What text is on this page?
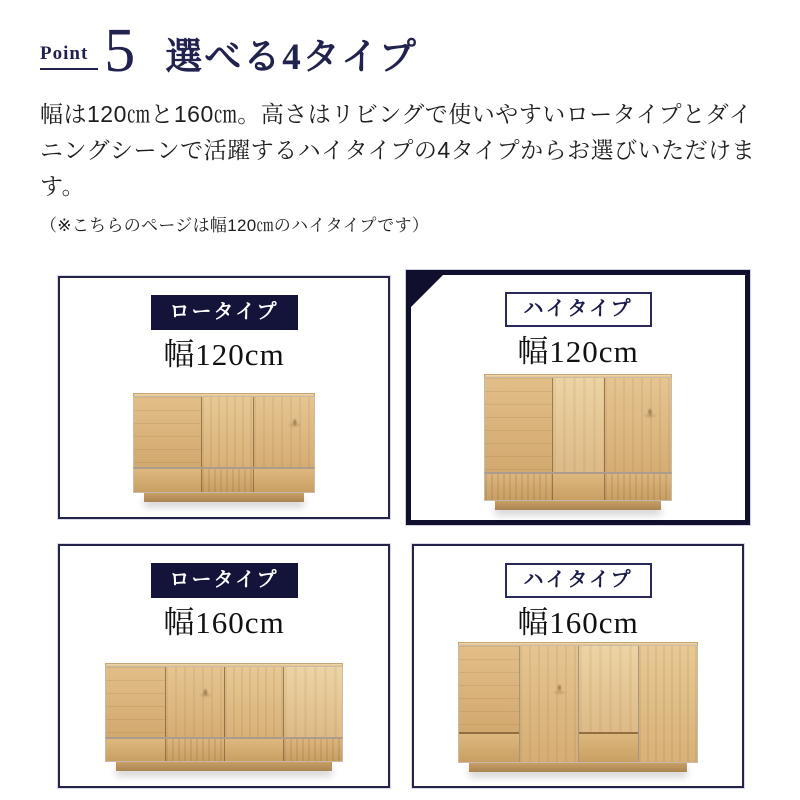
Point 5 選べる4タイプ

幅は120㎝と160㎝。高さはリビングで使いやすいロータイプとダイニングシーンで活躍するハイタイプの4タイプからお選びいただけます。

（※こちらのページは幅120㎝のハイタイプです）

ロータイプ
幅120cm
ハイタイプ
幅120cm
ロータイプ
幅160cm
ハイタイプ
幅160cm
